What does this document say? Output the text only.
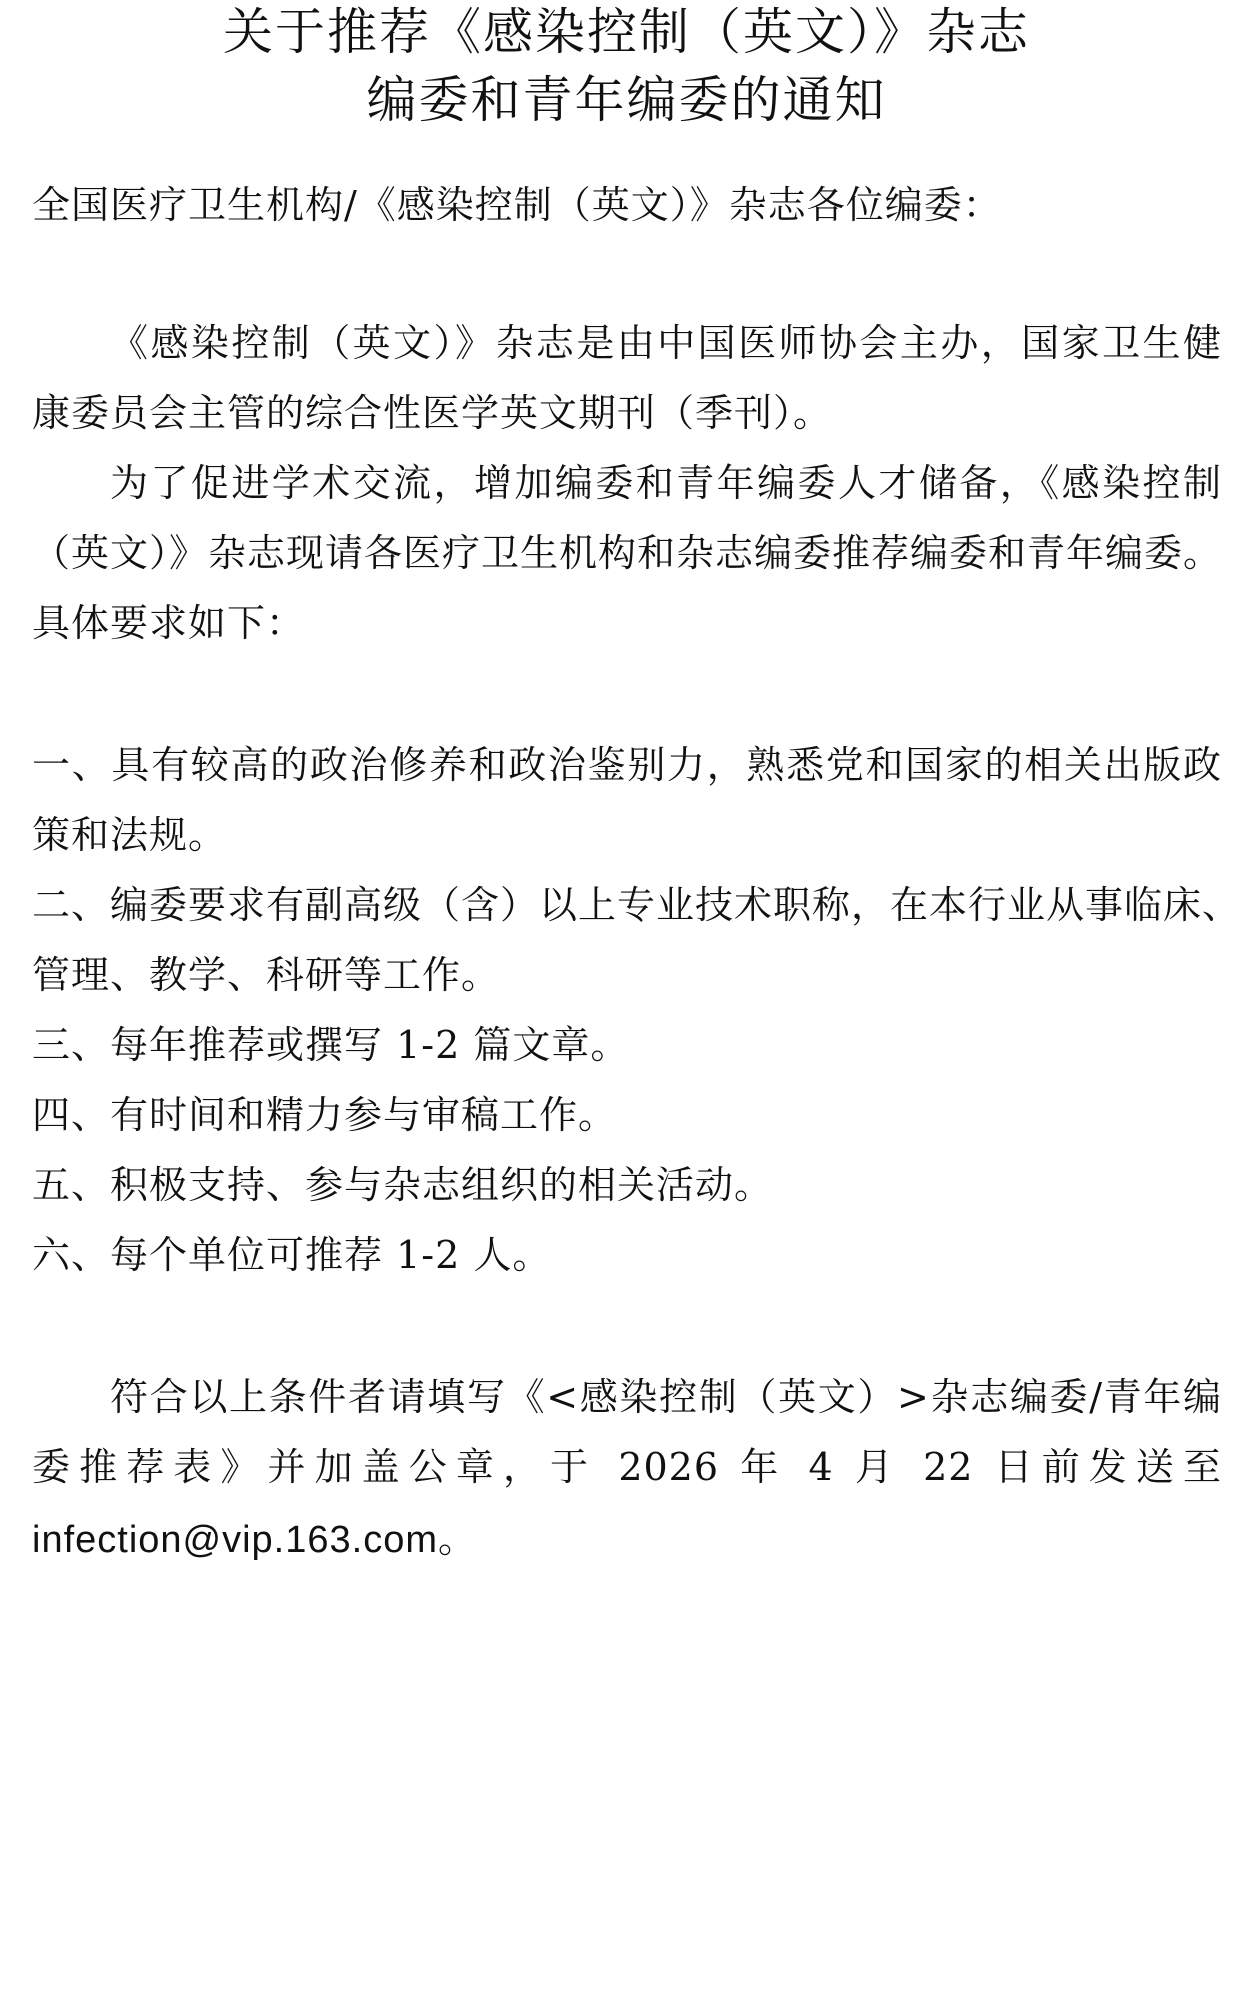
关于推荐《感染控制（英文）》杂志
编委和青年编委的通知
全国医疗卫生机构/《感染控制（英文）》杂志各位编委：
《感染控制（英文）》杂志是由中国医师协会主办，国家卫生健
康委员会主管的综合性医学英文期刊（季刊）。
为了促进学术交流，增加编委和青年编委人才储备，《感染控制
（英文）》杂志现请各医疗卫生机构和杂志编委推荐编委和青年编委。
具体要求如下：
一、具有较高的政治修养和政治鉴别力，熟悉党和国家的相关出版政
策和法规。
二、编委要求有副高级（含）以上专业技术职称，在本行业从事临床、
管理、教学、科研等工作。
三、每年推荐或撰写 1-2 篇文章。
四、有时间和精力参与审稿工作。
五、积极支持、参与杂志组织的相关活动。
六、每个单位可推荐 1-2 人。
符合以上条件者请填写《<感染控制（英文）>杂志编委/青年编
委推荐表》并加盖公章，于 2026 年 4 月 22 日前发送至
infection@vip.163.com。
